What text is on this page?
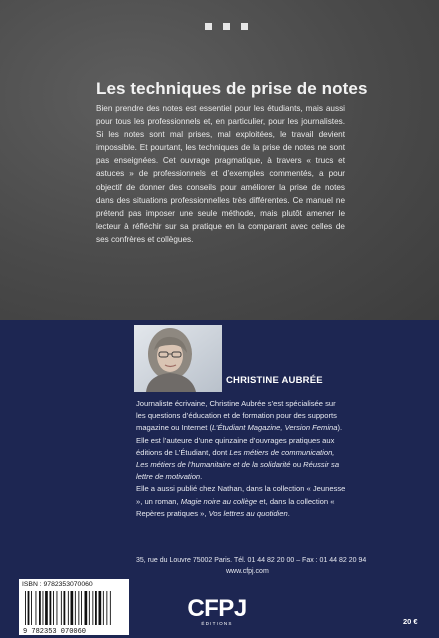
Les techniques de prise de notes

Bien prendre des notes est essentiel pour les étudiants, mais aussi pour tous les professionnels et, en particulier, pour les journalistes. Si les notes sont mal prises, mal exploitées, le travail devient impossible. Et pourtant, les techniques de la prise de notes ne sont pas enseignées. Cet ouvrage pragmatique, à travers « trucs et astuces » de professionnels et d’exemples commentés, a pour objectif de donner des conseils pour améliorer la prise de notes dans des situations professionnelles très différentes. Ce manuel ne prétend pas imposer une seule méthode, mais plutôt amener le lecteur à réfléchir sur sa pratique en la comparant avec celles de ses confrères et collègues.

CHRISTINE AUBRÉE

Journaliste écrivaine, Christine Aubrée s’est spécialisée sur les questions d’éducation et de formation pour des supports magazine ou Internet (L’Étudiant Magazine, Version Femina). Elle est l’auteure d’une quinzaine d’ouvrages pratiques aux éditions de L’Étudiant, dont Les métiers de communication, Les métiers de l’humanitaire et de la solidarité ou Réussir sa lettre de motivation.

Elle a aussi publié chez Nathan, dans la collection « Jeunesse », un roman, Magie noire au collège et, dans la collection « Repères pratiques », Vos lettres au quotidien.

35, rue du Louvre 75002 Paris. Tél. 01 44 82 20 00 – Fax : 01 44 82 20 94

www.cfpj.com

9 782353 070060
ISBN : 9782353070060
CFPJ
ÉDITIONS	20 €
